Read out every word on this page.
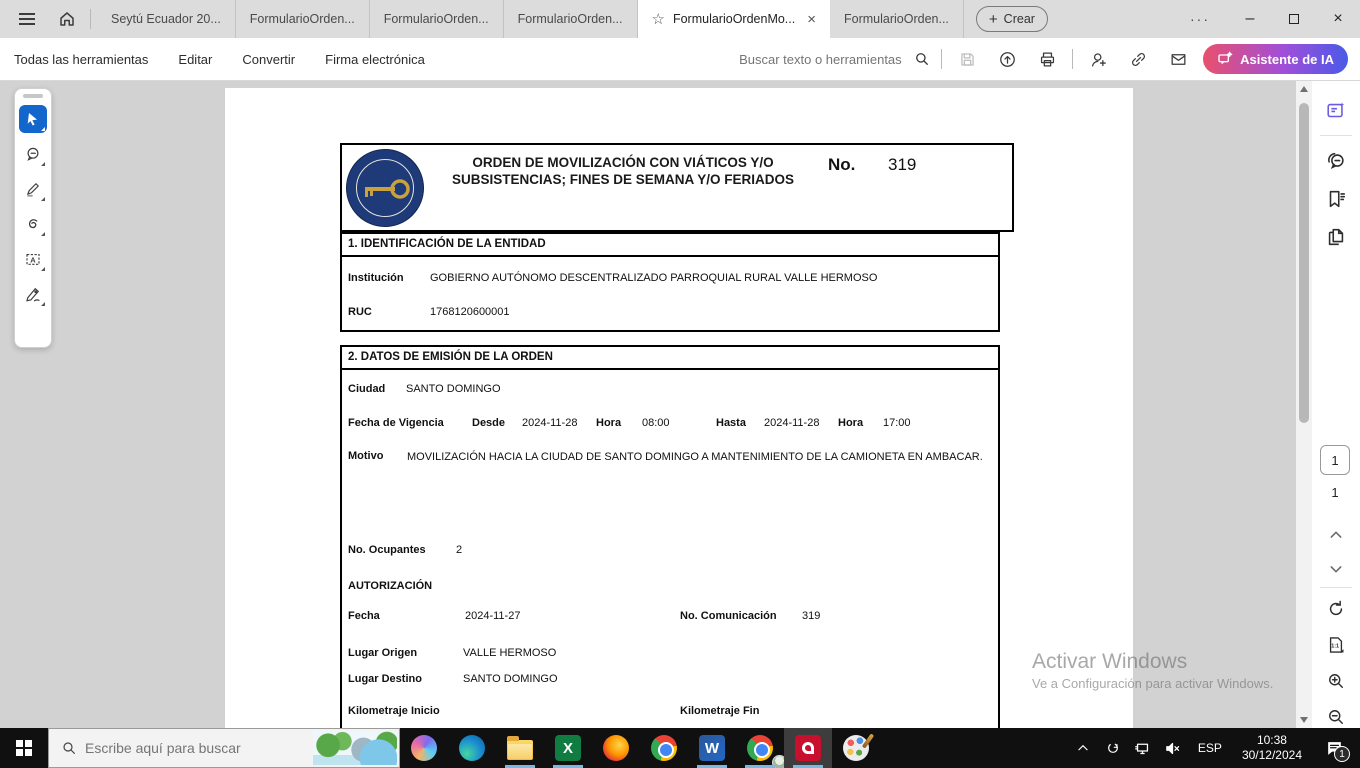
Seytú Ecuador 20... FormularioOrden... FormularioOrden... FormularioOrden... ☆ FormularioOrdenMo... × FormularioOrden...	+ Crear	···	–	×
Todas las herramientas Editar Convertir Firma electrónica
Buscar texto o herramientas	Asistente de IA
ORDEN DE MOVILIZACIÓN CON VIÁTICOS Y/O SUBSISTENCIAS; FINES DE SEMANA Y/O FERIADOS
No. 319
1. IDENTIFICACIÓN DE LA ENTIDAD
Institución GOBIERNO AUTÓNOMO DESCENTRALIZADO PARROQUIAL RURAL VALLE HERMOSO
RUC	1768120600001
2. DATOS DE EMISIÓN DE LA ORDEN
Ciudad SANTO DOMINGO
Fecha de Vigencia	Desde 2024-11-28 Hora 08:00	Hasta 2024-11-28 Hora 17:00
Motivo MOVILIZACIÓN HACIA LA CIUDAD DE SANTO DOMINGO A MANTENIMIENTO DE LA CAMIONETA EN AMBACAR.
No. Ocupantes	2
AUTORIZACIÓN
Fecha	2024-11-27	No. Comunicación 319
Lugar Origen	VALLE HERMOSO
Lugar Destino	SANTO DOMINGO
Kilometraje Inicio	Kilometraje Fin
A
1
1
1:1
Activar Windows
Ve a Configuración para activar Windows.
Escribe aquí para buscar
X	W	ESP
10:38
30/12/2024	1
